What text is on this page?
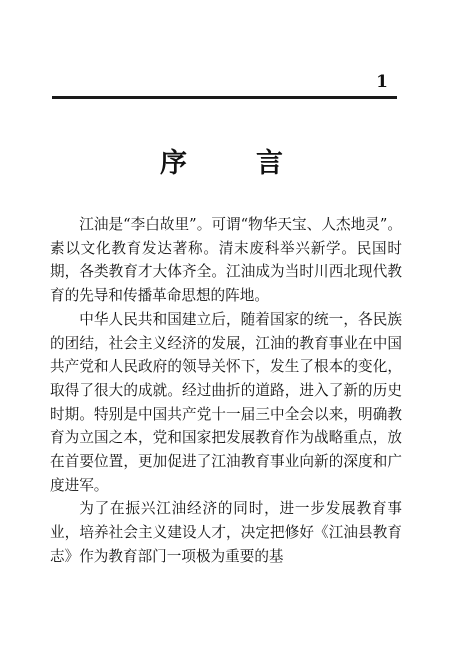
1
序	言

江油是“李白故里”。可谓“物华天宝、人杰地灵”。素以文化教育发达著称。清末废科举兴新学。民国时期，各类教育才大体齐全。江油成为当时川西北现代教育的先导和传播革命思想的阵地。

中华人民共和国建立后，随着国家的统一，各民族的团结，社会主义经济的发展，江油的教育事业在中国共产党和人民政府的领导关怀下，发生了根本的变化，取得了很大的成就。经过曲折的道路，进入了新的历史时期。特别是中国共产党十一届三中全会以来，明确教育为立国之本，党和国家把发展教育作为战略重点，放在首要位置，更加促进了江油教育事业向新的深度和广度进军。

为了在振兴江油经济的同时，进一步发展教育事业，培养社会主义建设人才，决定把修好《江油县教育志》作为教育部门一项极为重要的基
